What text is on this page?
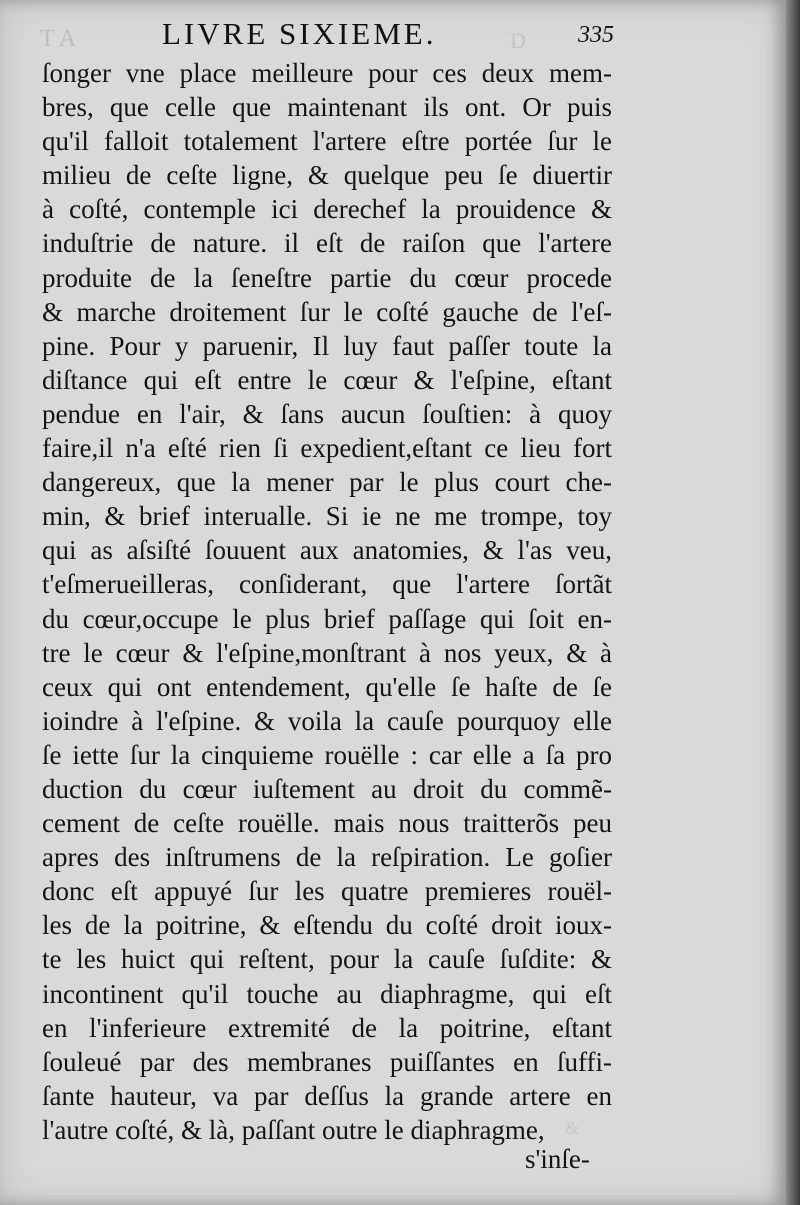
T A	LIVRE SIXIEME.	D 335
ſonger vne place meilleure pour ces deux mem-
bres, que celle que maintenant ils ont. Or puis
qu'il falloit totalement l'artere eſtre portée ſur le
milieu de ceſte ligne, & quelque peu ſe diuertir
à coſté, contemple ici derechef la prouidence &
induſtrie de nature. il eſt de raiſon que l'artere
produite de la ſeneſtre partie du cœur procede
& marche droitement ſur le coſté gauche de l'eſ-
pine. Pour y paruenir, Il luy faut paſſer toute la
diſtance qui eſt entre le cœur & l'eſpine, eſtant
pendue en l'air, & ſans aucun ſouſtien: à quoy
faire,il n'a eſté rien ſi expedient,eſtant ce lieu fort
dangereux, que la mener par le plus court che-
min, & brief interualle. Si ie ne me trompe, toy
qui as aſsiſté ſouuent aux anatomies, & l'as veu,
t'eſmerueilleras, conſiderant, que l'artere ſortãt
du cœur,occupe le plus brief paſſage qui ſoit en-
tre le cœur & l'eſpine,monſtrant à nos yeux, & à
ceux qui ont entendement, qu'elle ſe haſte de ſe
ioindre à l'eſpine. & voila la cauſe pourquoy elle
ſe iette ſur la cinquieme rouëlle : car elle a ſa pro
duction du cœur iuſtement au droit du commẽ-
cement de ceſte rouëlle. mais nous traitterõs peu
apres des inſtrumens de la reſpiration. Le goſier
donc eſt appuyé ſur les quatre premieres rouël-
les de la poitrine, & eſtendu du coſté droit ioux-
te les huict qui reſtent, pour la cauſe ſuſdite: &
incontinent qu'il touche au diaphragme, qui eſt
en l'inferieure extremité de la poitrine, eſtant
ſouleué par des membranes puiſſantes en ſuffi-
ſante hauteur, va par deſſus la grande artere en
l'autre coſté, & là, paſſant outre le diaphragme,	&
s'inſe-
